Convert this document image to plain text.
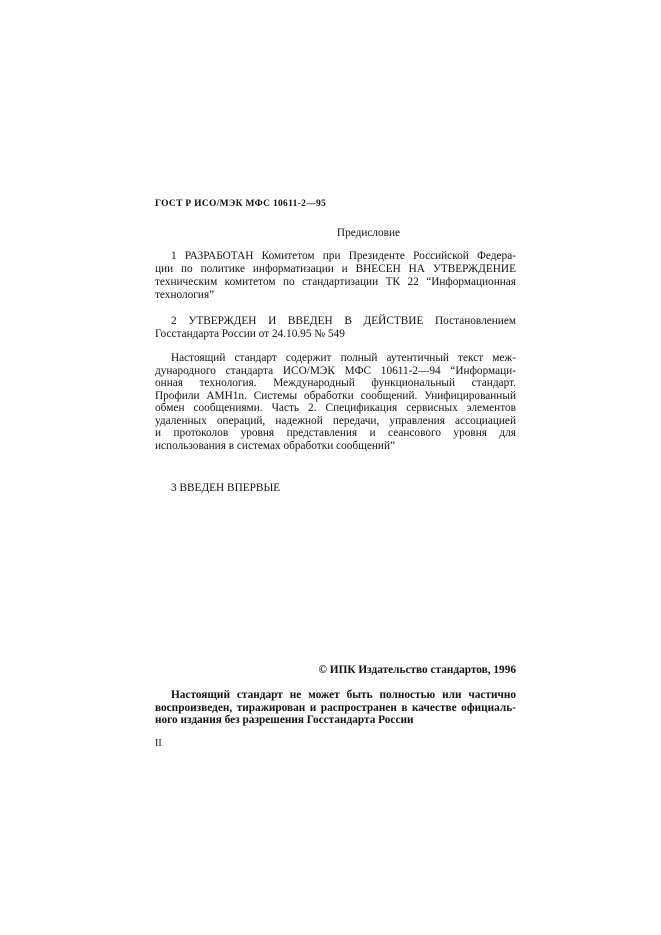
ГОСТ Р ИСО/МЭК МФС 10611-2—95
Предисловие
1 РАЗРАБОТАН Комитетом при Президенте Российской Федера-
ции по политике информатизации и ВНЕСЕН НА УТВЕРЖДЕНИЕ
техническим комитетом по стандартизации ТК 22 “Информационная
технология”
2 УТВЕРЖДЕН И ВВЕДЕН В ДЕЙСТВИЕ Постановлением
Госстандарта России от 24.10.95 № 549
Настоящий стандарт содержит полный аутентичный текст меж-
дународного стандарта ИСО/МЭК МФС 10611-2—94 “Информаци-
онная технология. Международный функциональный стандарт.
Профили AMH1n. Системы обработки сообщений. Унифицированный
обмен сообщениями. Часть 2. Спецификация сервисных элементов
удаленных операций, надежной передачи, управления ассоциацией
и протоколов уровня представления и сеансового уровня для
использования в системах обработки сообщений”
3 ВВЕДЕН ВПЕРВЫЕ
© ИПК Издательство стандартов, 1996
Настоящий стандарт не может быть полностью или частично
воспроизведен, тиражирован и распространен в качестве официаль-
ного издания без разрешения Госстандарта России
II
